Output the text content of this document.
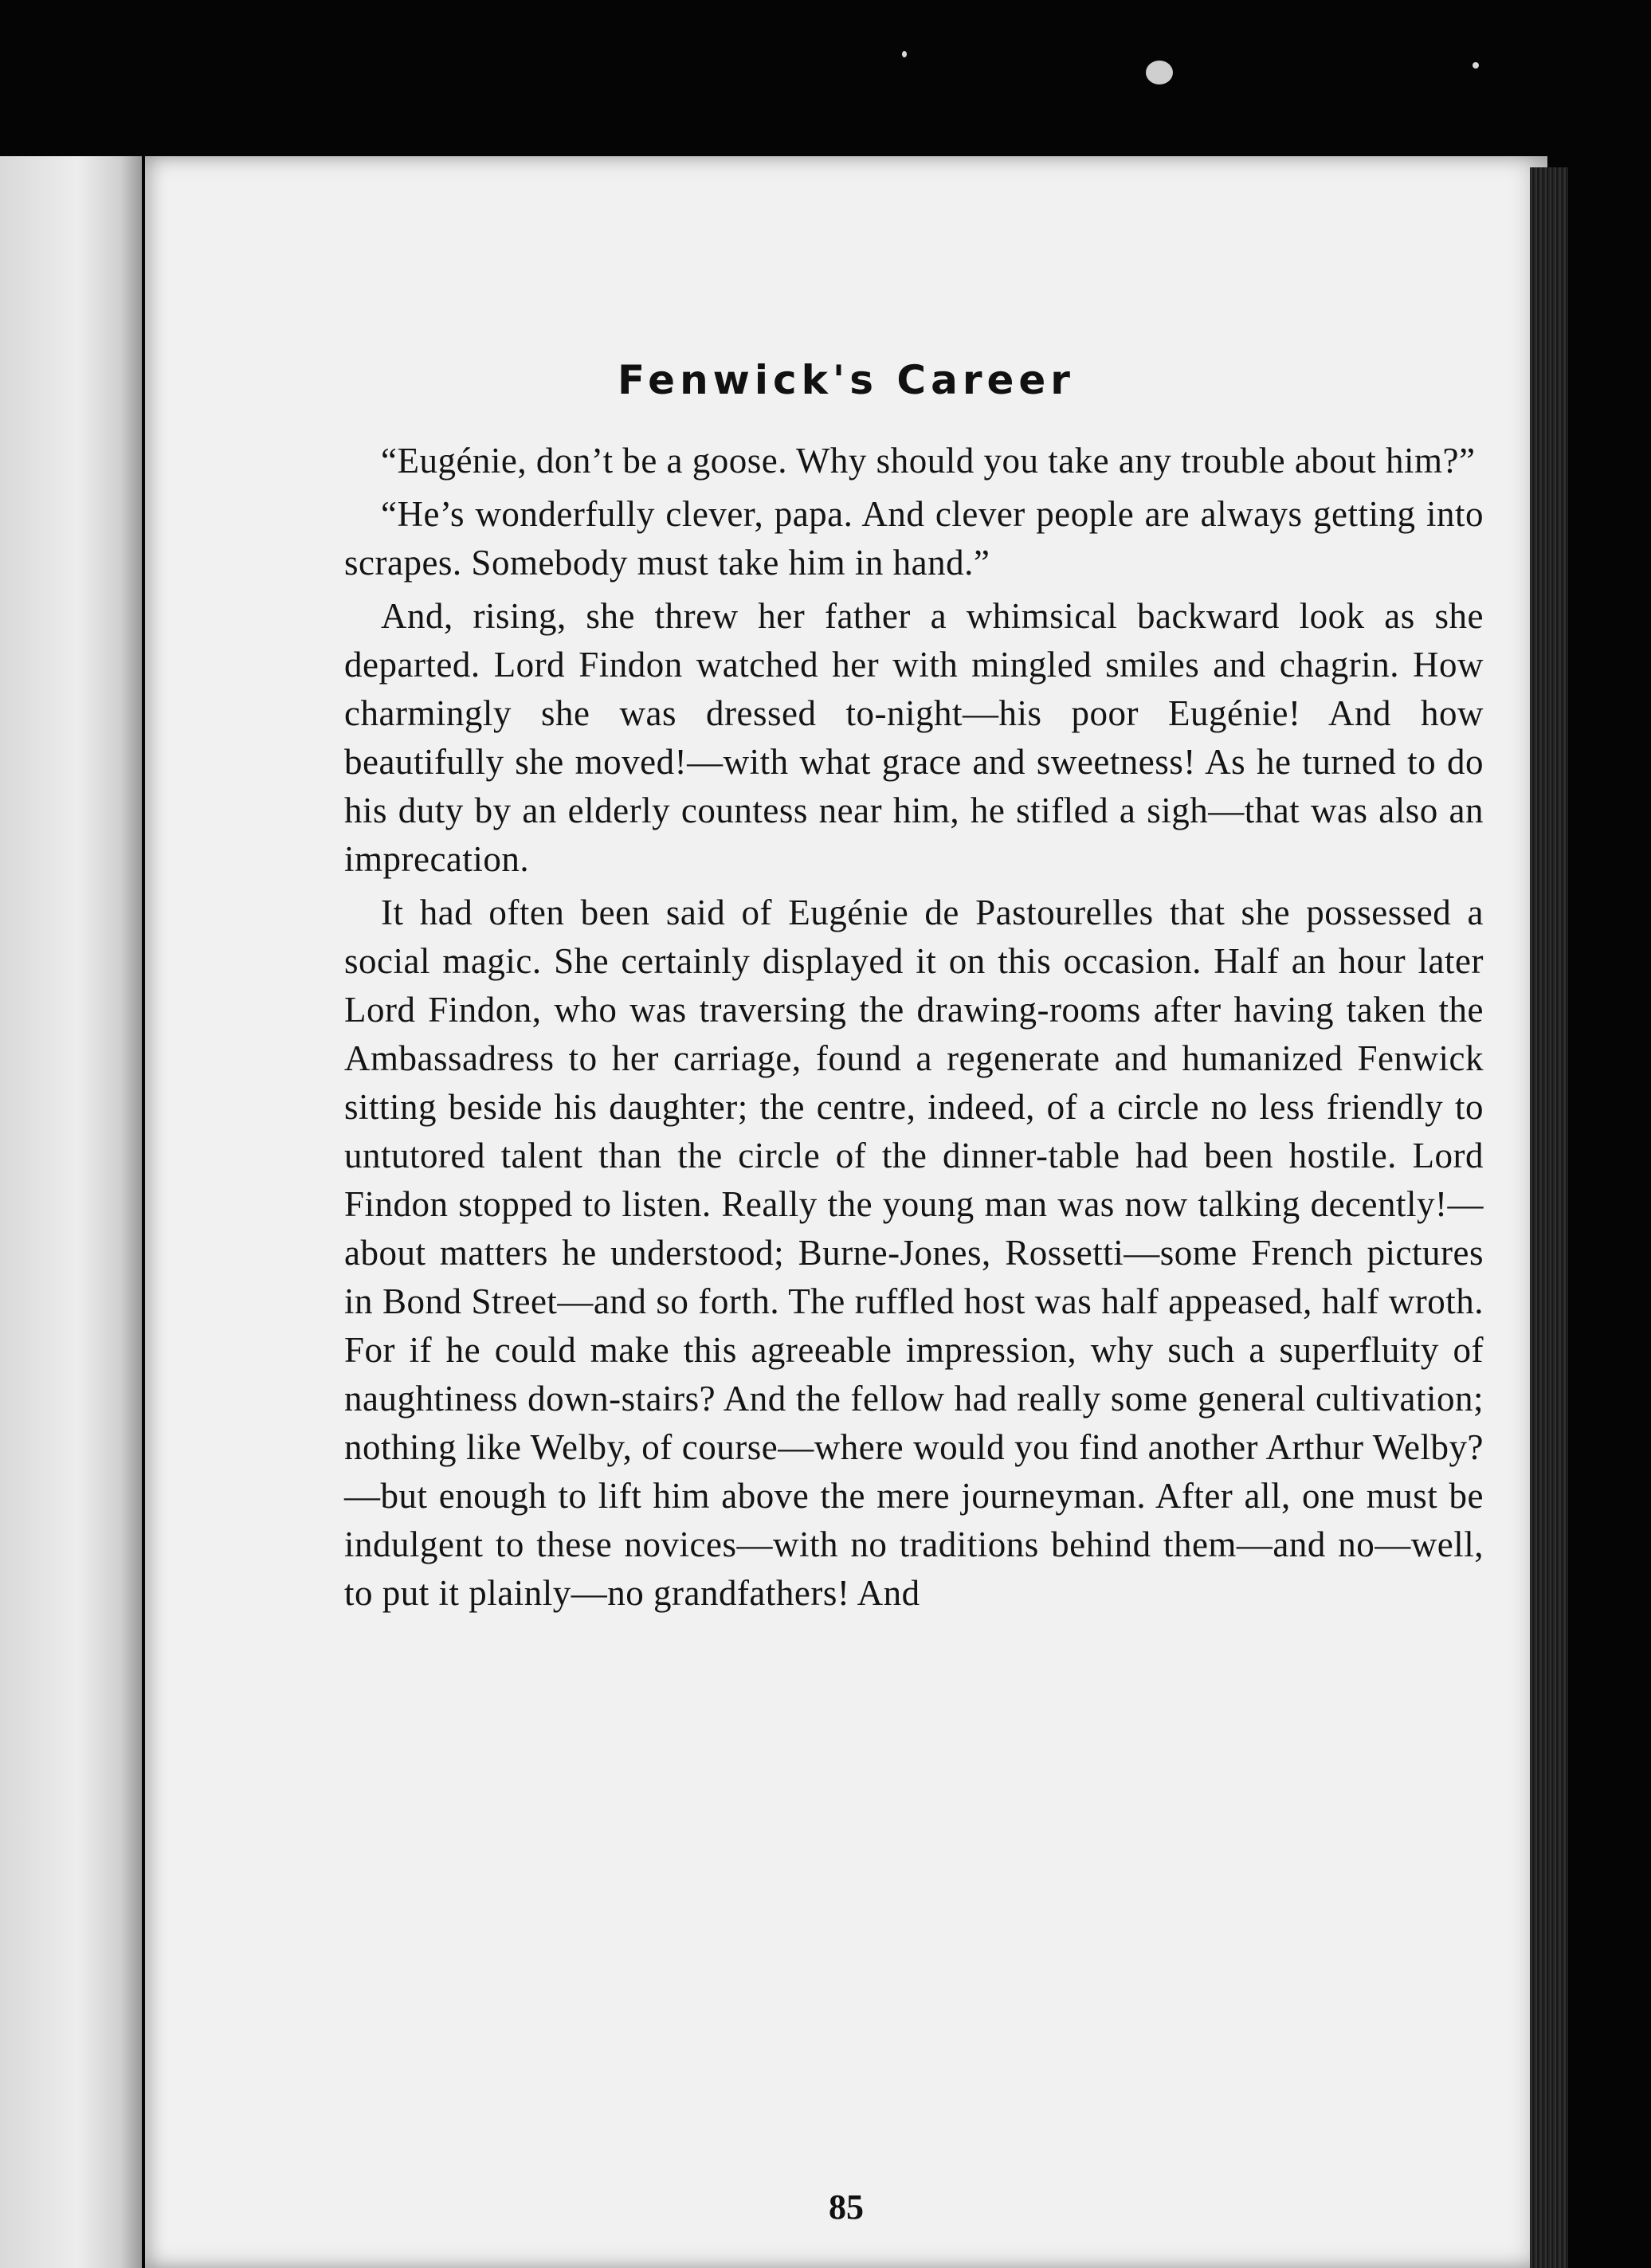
Fenwick's Career

“Eugénie, don’t be a goose. Why should you take any trouble about him?”

“He’s wonderfully clever, papa. And clever people are always getting into scrapes. Somebody must take him in hand.”

And, rising, she threw her father a whimsical backward look as she departed. Lord Findon watched her with mingled smiles and chagrin. How charmingly she was dressed to-night—his poor Eugénie! And how beautifully she moved!—with what grace and sweetness! As he turned to do his duty by an elderly countess near him, he stifled a sigh—that was also an imprecation.

It had often been said of Eugénie de Pastourelles that she possessed a social magic. She certainly displayed it on this occasion. Half an hour later Lord Findon, who was traversing the drawing-rooms after having taken the Ambassadress to her carriage, found a regenerate and humanized Fenwick sitting beside his daughter; the centre, indeed, of a circle no less friendly to untutored talent than the circle of the dinner-table had been hostile. Lord Findon stopped to listen. Really the young man was now talking decently!—about matters he understood; Burne-Jones, Rossetti—some French pictures in Bond Street—and so forth. The ruffled host was half appeased, half wroth. For if he could make this agreeable impression, why such a superfluity of naughtiness down-stairs? And the fellow had really some general cultivation; nothing like Welby, of course—where would you find another Arthur Welby?—but enough to lift him above the mere journeyman. After all, one must be indulgent to these novices—with no traditions behind them—and no—well, to put it plainly—no grandfathers! And

85
